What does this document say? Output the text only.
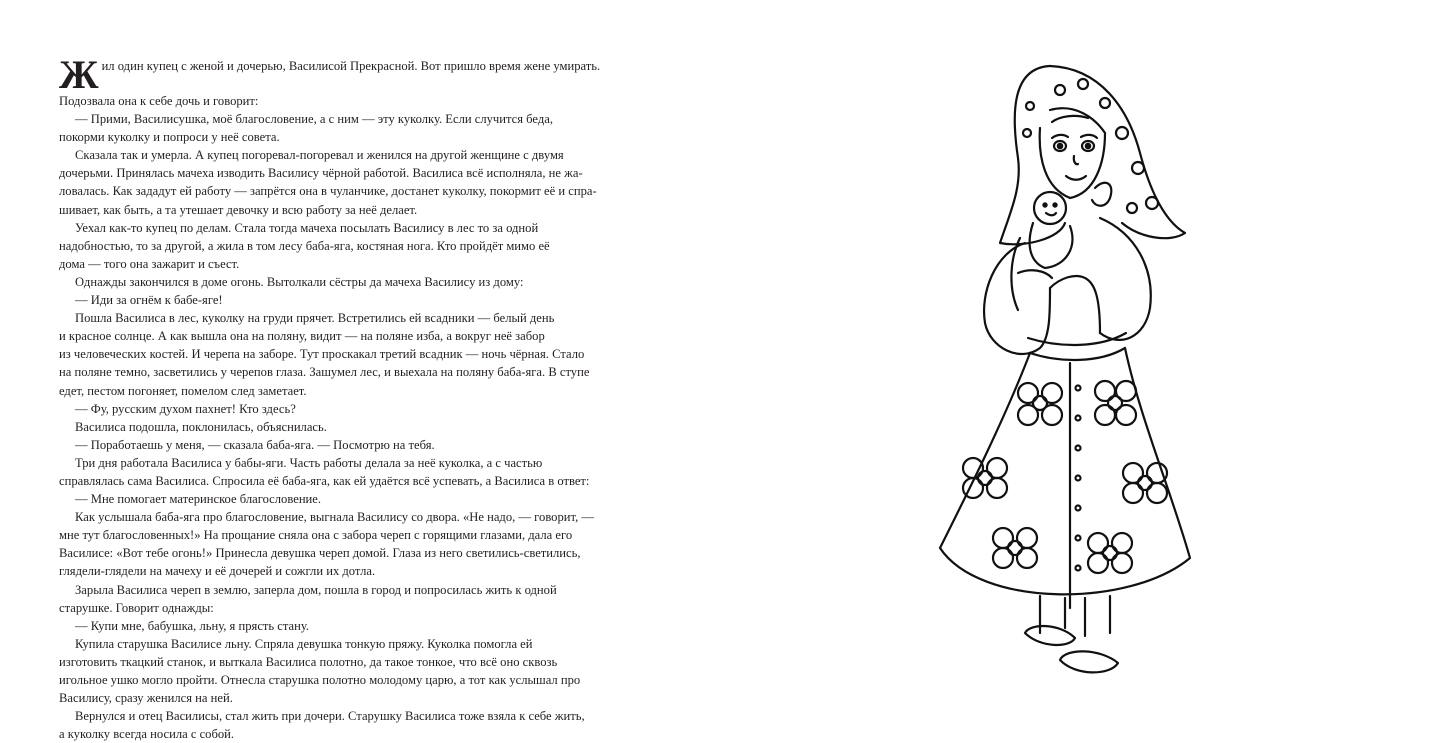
Жил один купец с женой и дочерью, Василисой Прекрасной. Вот пришло время жене умирать.

Подозвала она к себе дочь и говорит:

— Прими, Василисушка, моё благословение, а с ним — эту куколку. Если случится беда,

покорми куколку и попроси у неё совета.

Сказала так и умерла. А купец погоревал-погоревал и женился на другой женщине с двумя

дочерьми. Принялась мачеха изводить Василису чёрной работой. Василиса всё исполняла, не жа-

ловалась. Как зададут ей работу — запрётся она в чуланчике, достанет куколку, покормит её и спра-

шивает, как быть, а та утешает девочку и всю работу за неё делает.

Уехал как-то купец по делам. Стала тогда мачеха посылать Василису в лес то за одной

надобностью, то за другой, а жила в том лесу баба-яга, костяная нога. Кто пройдёт мимо её

дома — того она зажарит и съест.

Однажды закончился в доме огонь. Вытолкали сёстры да мачеха Василису из дому:

— Иди за огнём к бабе-яге!

Пошла Василиса в лес, куколку на груди прячет. Встретились ей всадники — белый день

и красное солнце. А как вышла она на поляну, видит — на поляне изба, а вокруг неё забор

из человеческих костей. И черепа на заборе. Тут проскакал третий всадник — ночь чёрная. Стало

на поляне темно, засветились у черепов глаза. Зашумел лес, и выехала на поляну баба-яга. В ступе

едет, пестом погоняет, помелом след заметает.

— Фу, русским духом пахнет! Кто здесь?

Василиса подошла, поклонилась, объяснилась.

— Поработаешь у меня, — сказала баба-яга. — Посмотрю на тебя.

Три дня работала Василиса у бабы-яги. Часть работы делала за неё куколка, а с частью

справлялась сама Василиса. Спросила её баба-яга, как ей удаётся всё успевать, а Василиса в ответ:

— Мне помогает материнское благословение.

Как услышала баба-яга про благословение, выгнала Василису со двора. «Не надо, — говорит, —

мне тут благословенных!» На прощание сняла она с забора череп с горящими глазами, дала его

Василисе: «Вот тебе огонь!» Принесла девушка череп домой. Глаза из него светились-светились,

глядели-глядели на мачеху и её дочерей и сожгли их дотла.

Зарыла Василиса череп в землю, заперла дом, пошла в город и попросилась жить к одной

старушке. Говорит однажды:

— Купи мне, бабушка, льну, я прясть стану.

Купила старушка Василисе льну. Спряла девушка тонкую пряжу. Куколка помогла ей

изготовить ткацкий станок, и выткала Василиса полотно, да такое тонкое, что всё оно сквозь

игольное ушко могло пройти. Отнесла старушка полотно молодому царю, а тот как услышал про

Василису, сразу женился на ней.

Вернулся и отец Василисы, стал жить при дочери. Старушку Василиса тоже взяла к себе жить,

а куколку всегда носила с собой.
